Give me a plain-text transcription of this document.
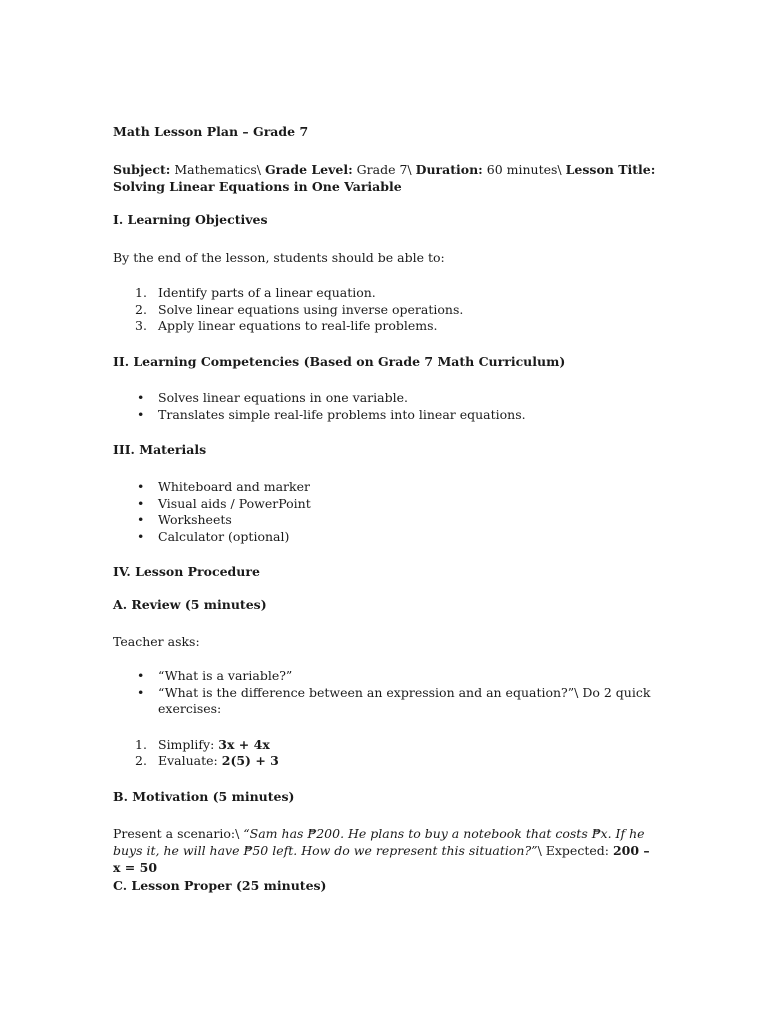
Math Lesson Plan – Grade 7
Subject: Mathematics\ Grade Level: Grade 7\ Duration: 60 minutes\ Lesson Title:
Solving Linear Equations in One Variable
I. Learning Objectives
By the end of the lesson, students should be able to:
1. Identify parts of a linear equation.
2. Solve linear equations using inverse operations.
3. Apply linear equations to real-life problems.
II. Learning Competencies (Based on Grade 7 Math Curriculum)
•	Solves linear equations in one variable.
•	Translates simple real-life problems into linear equations.
III. Materials
•	Whiteboard and marker
•	Visual aids / PowerPoint
•	Worksheets
•	Calculator (optional)
IV. Lesson Procedure
A. Review (5 minutes)
Teacher asks:
•	“What is a variable?”
•	“What is the difference between an expression and an equation?”\ Do 2 quick
exercises:
1. Simplify: 3x + 4x
2. Evaluate: 2(5) + 3
B. Motivation (5 minutes)
Present a scenario:\ “Sam has ₱200. He plans to buy a notebook that costs ₱x. If he buys it, he will have ₱50 left. How do we represent this situation?”\ Expected: 200 – x = 50
C. Lesson Proper (25 minutes)
